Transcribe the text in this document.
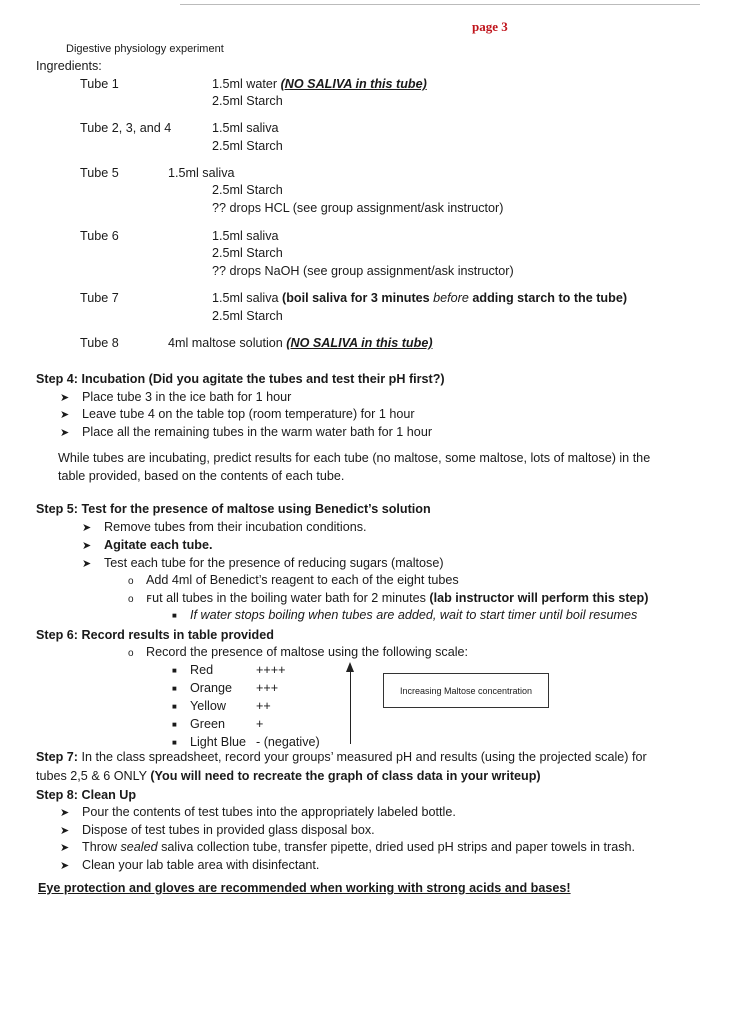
page 3
Digestive physiology experiment
Ingredients:
Tube 1	1.5ml water (NO SALIVA in this tube)
2.5ml Starch
Tube 2, 3, and 4	1.5ml saliva
2.5ml Starch
Tube 5	1.5ml saliva
2.5ml Starch
?? drops HCL (see group assignment/ask instructor)
Tube 6	1.5ml saliva
2.5ml Starch
?? drops NaOH (see group assignment/ask instructor)
Tube 7	1.5ml saliva (boil saliva for 3 minutes before adding starch to the tube)
2.5ml Starch
Tube 8	4ml maltose solution (NO SALIVA in this tube)
Step 4: Incubation (Did you agitate the tubes and test their pH first?)
➤ Place tube 3 in the ice bath for 1 hour
➤ Leave tube 4 on the table top (room temperature) for 1 hour
➤ Place all the remaining tubes in the warm water bath for 1 hour
While tubes are incubating, predict results for each tube (no maltose, some maltose, lots of maltose) in the
table provided, based on the contents of each tube.
Step 5: Test for the presence of maltose using Benedict’s solution
➤ Remove tubes from their incubation conditions.
➤ Agitate each tube.
➤ Test each tube for the presence of reducing sugars (maltose)
o Add 4ml of Benedict’s reagent to each of the eight tubes
o ꜰut all tubes in the boiling water bath for 2 minutes (lab instructor will perform this step)
■ If water stops boiling when tubes are added, wait to start timer until boil resumes
Step 6: Record results in table provided
o Record the presence of maltose using the following scale:
■ Red	++++
■ Orange +++
■ Yellow ++
■ Green +
■ Light Blue - (negative)
Increasing Maltose concentration
Step 7: In the class spreadsheet, record your groups’ measured pH and results (using the projected scale) for
tubes 2,5 & 6 ONLY (You will need to recreate the graph of class data in your writeup)
Step 8: Clean Up
➤ Pour the contents of test tubes into the appropriately labeled bottle.
➤ Dispose of test tubes in provided glass disposal box.
➤ Throw sealed saliva collection tube, transfer pipette, dried used pH strips and paper towels in trash.
➤ Clean your lab table area with disinfectant.
Eye protection and gloves are recommended when working with strong acids and bases!
